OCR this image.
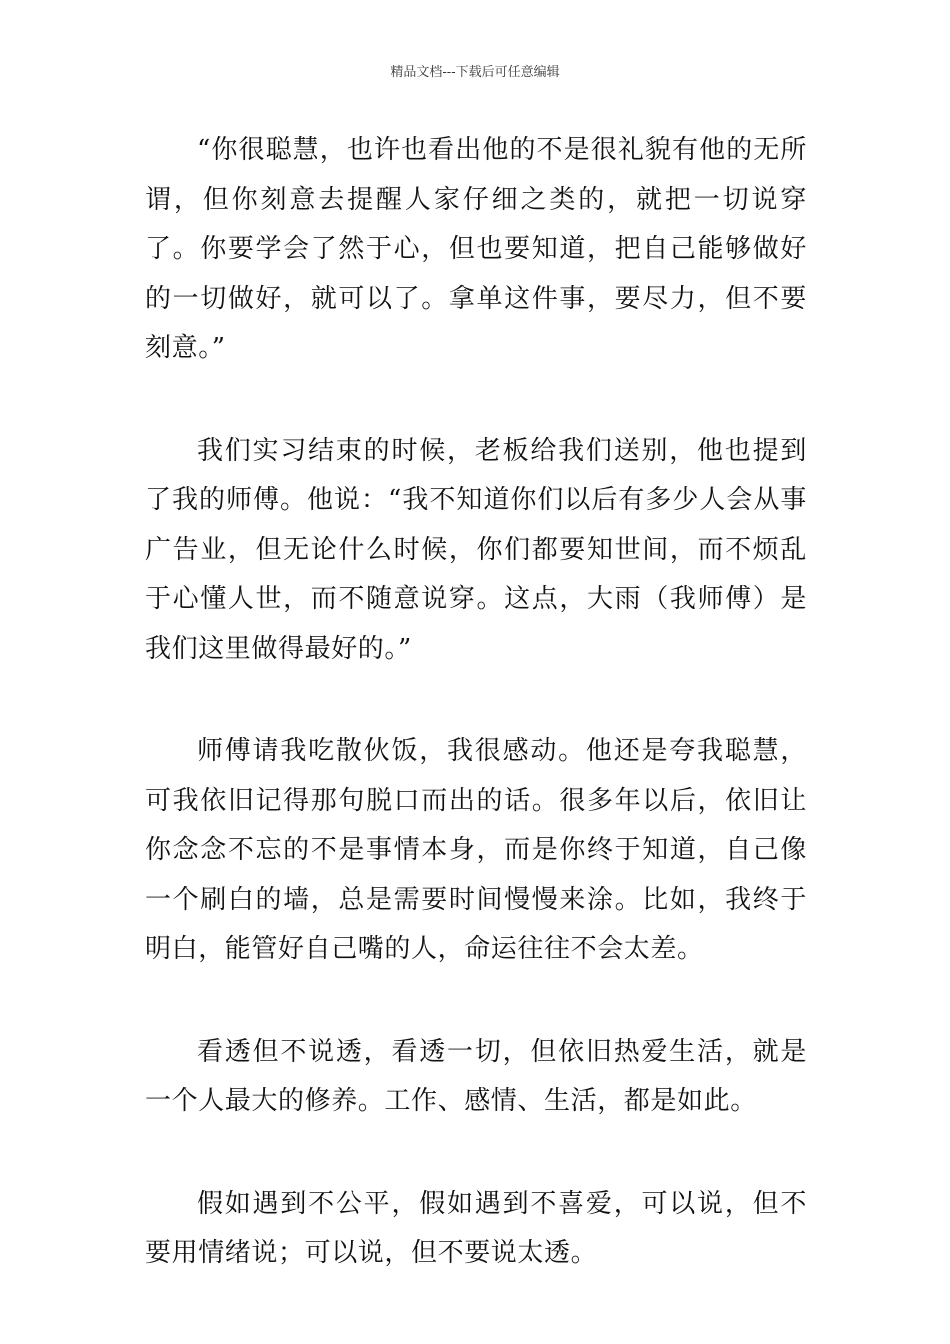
精品文档---下载后可任意编辑

“你很聪慧，也许也看出他的不是很礼貌有他的无所谓，但你刻意去提醒人家仔细之类的，就把一切说穿了。你要学会了然于心，但也要知道，把自己能够做好的一切做好，就可以了。拿单这件事，要尽力，但不要刻意。”

我们实习结束的时候，老板给我们送别，他也提到了我的师傅。他说：“我不知道你们以后有多少人会从事广告业，但无论什么时候，你们都要知世间，而不烦乱于心懂人世，而不随意说穿。这点，大雨（我师傅）是我们这里做得最好的。”

师傅请我吃散伙饭，我很感动。他还是夸我聪慧，可我依旧记得那句脱口而出的话。很多年以后，依旧让你念念不忘的不是事情本身，而是你终于知道，自己像一个刷白的墙，总是需要时间慢慢来涂。比如，我终于明白，能管好自己嘴的人，命运往往不会太差。

看透但不说透，看透一切，但依旧热爱生活，就是一个人最大的修养。工作、感情、生活，都是如此。

假如遇到不公平，假如遇到不喜爱，可以说，但不要用情绪说；可以说，但不要说太透。
